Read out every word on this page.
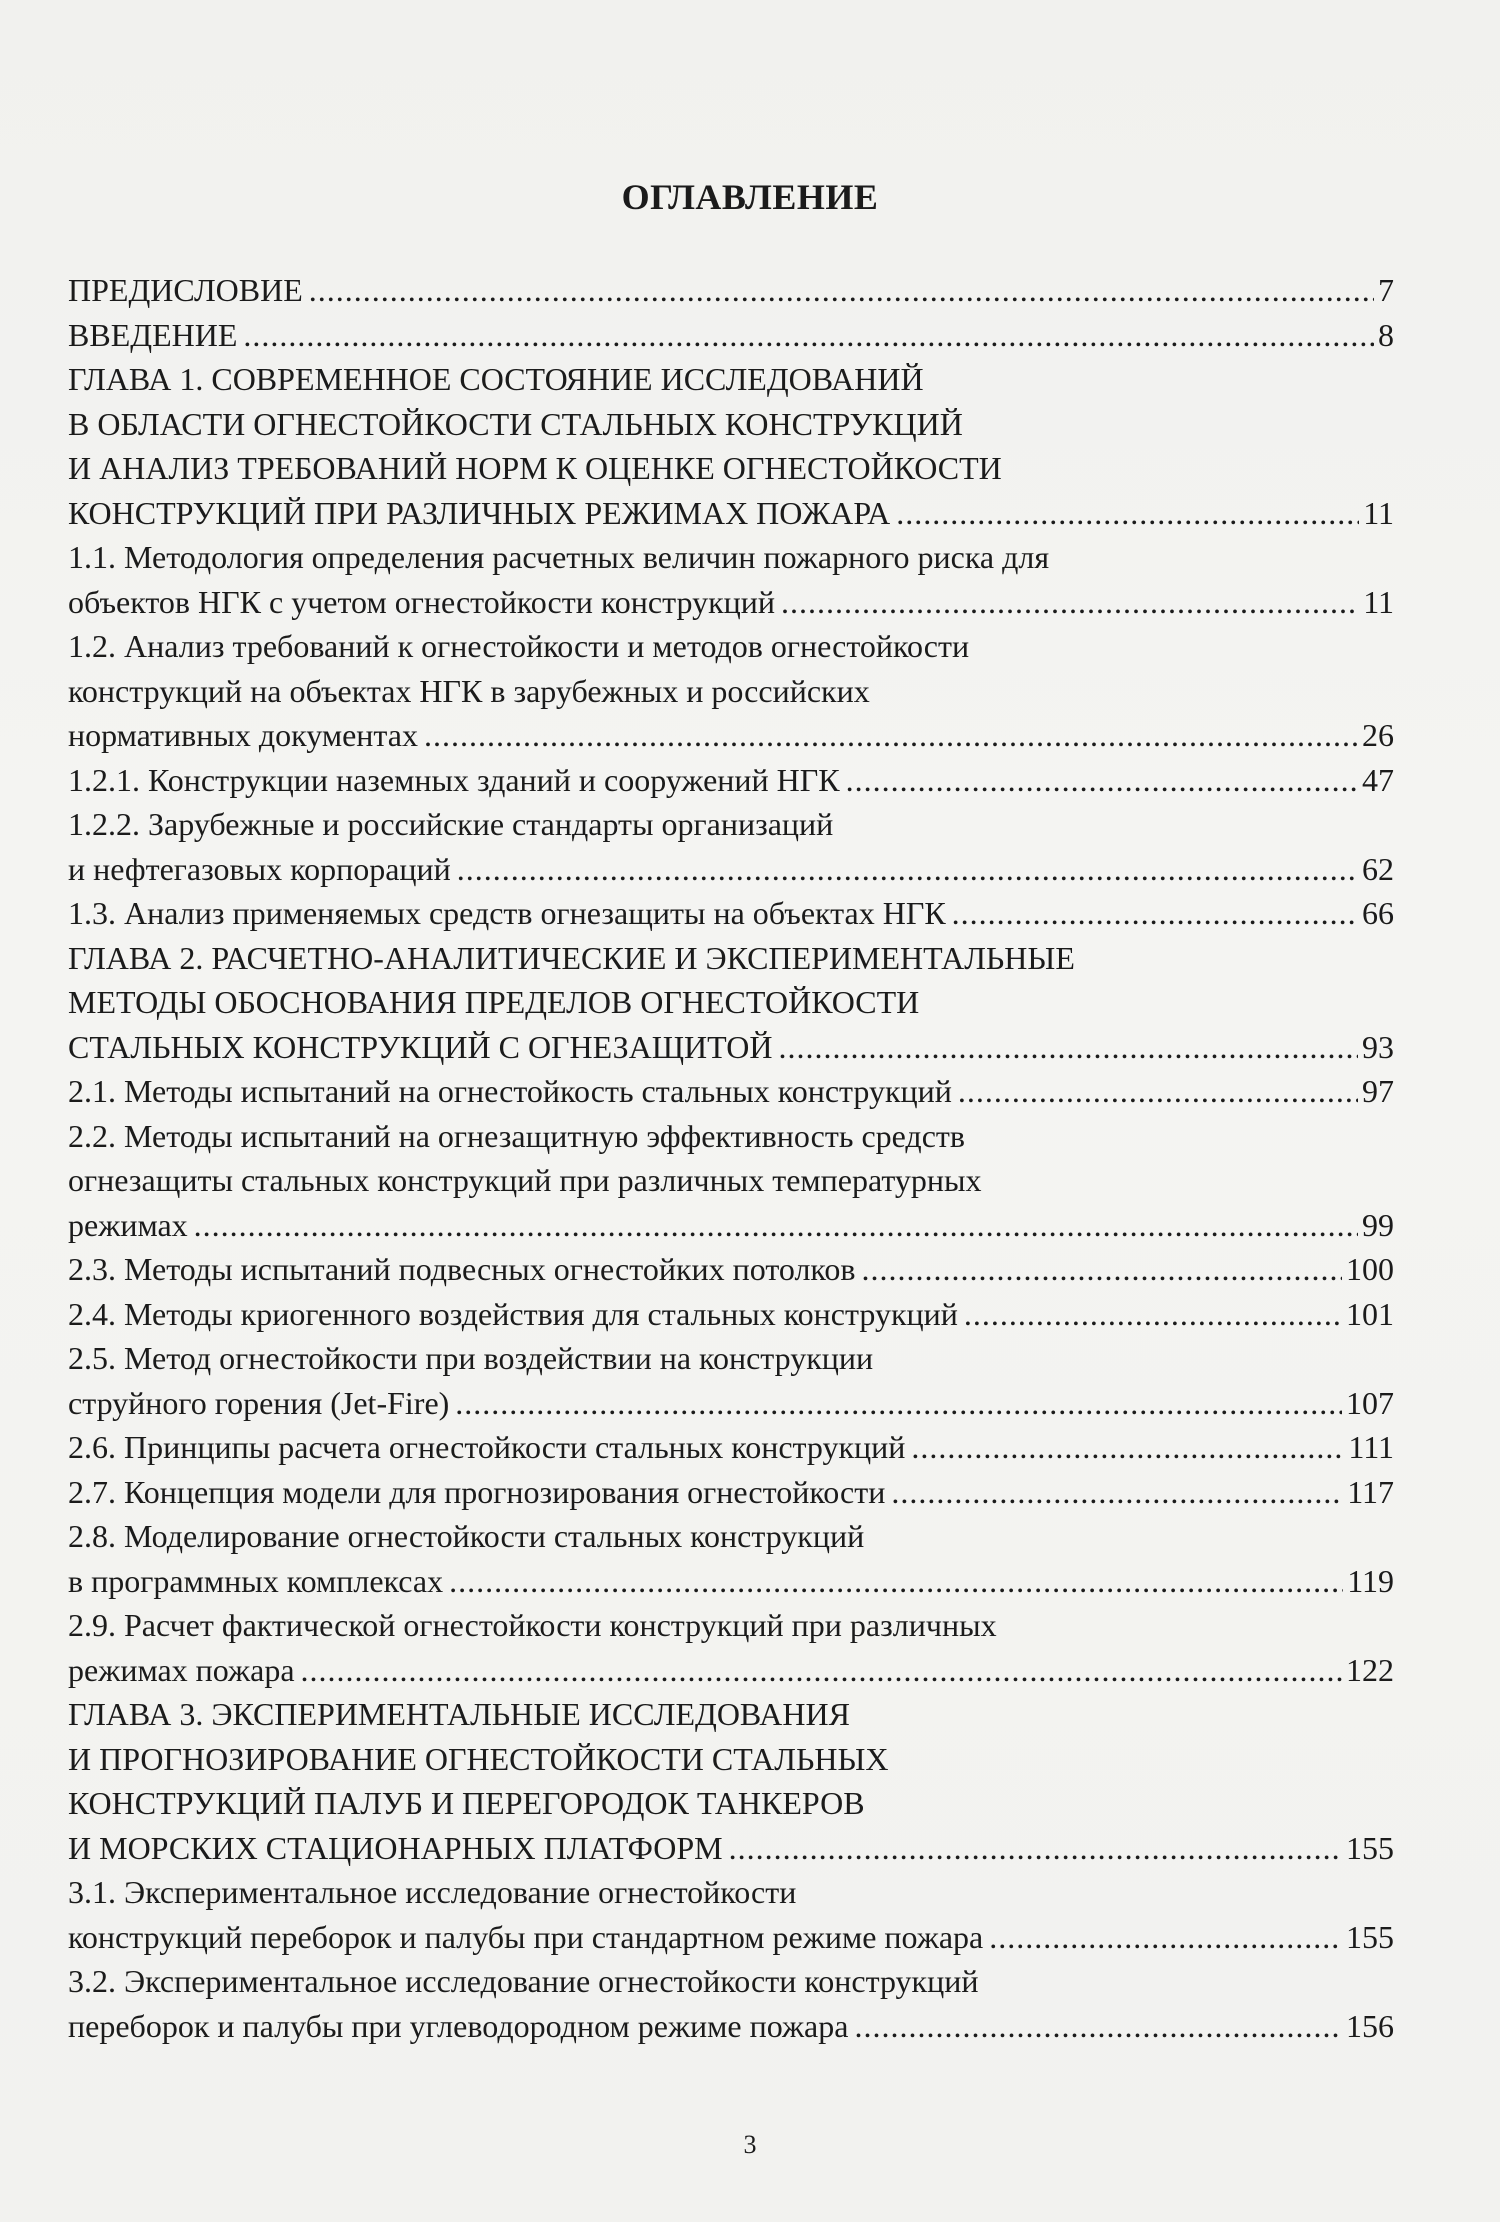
ОГЛАВЛЕНИЕ
ПРЕДИСЛОВИЕ .....	7
ВВЕДЕНИЕ .....	8
ГЛАВА 1. СОВРЕМЕННОЕ СОСТОЯНИЕ ИССЛЕДОВАНИЙ
В ОБЛАСТИ ОГНЕСТОЙКОСТИ СТАЛЬНЫХ КОНСТРУКЦИЙ
И АНАЛИЗ ТРЕБОВАНИЙ НОРМ К ОЦЕНКЕ ОГНЕСТОЙКОСТИ
КОНСТРУКЦИЙ ПРИ РАЗЛИЧНЫХ РЕЖИМАХ ПОЖАРА .....	11
1.1. Методология определения расчетных величин пожарного риска для
объектов НГК с учетом огнестойкости конструкций .....	11
1.2. Анализ требований к огнестойкости и методов огнестойкости
конструкций на объектах НГК в зарубежных и российских
нормативных документах .....	26
1.2.1. Конструкции наземных зданий и сооружений НГК .....	47
1.2.2. Зарубежные и российские стандарты организаций
и нефтегазовых корпораций .....	62
1.3. Анализ применяемых средств огнезащиты на объектах НГК .....	66
ГЛАВА 2. РАСЧЕТНО-АНАЛИТИЧЕСКИЕ И ЭКСПЕРИМЕНТАЛЬНЫЕ
МЕТОДЫ ОБОСНОВАНИЯ ПРЕДЕЛОВ ОГНЕСТОЙКОСТИ
СТАЛЬНЫХ КОНСТРУКЦИЙ С ОГНЕЗАЩИТОЙ .....	93
2.1. Методы испытаний на огнестойкость стальных конструкций .....	97
2.2. Методы испытаний на огнезащитную эффективность средств
огнезащиты стальных конструкций при различных температурных
режимах .....	99
2.3. Методы испытаний подвесных огнестойких потолков .....	100
2.4. Методы криогенного воздействия для стальных конструкций .....	101
2.5. Метод огнестойкости при воздействии на конструкции
струйного горения (Jet-Fire) .....	107
2.6. Принципы расчета огнестойкости стальных конструкций .....	111
2.7. Концепция модели для прогнозирования огнестойкости .....	117
2.8. Моделирование огнестойкости стальных конструкций
в программных комплексах .....	119
2.9. Расчет фактической огнестойкости конструкций при различных
режимах пожара .....	122
ГЛАВА 3. ЭКСПЕРИМЕНТАЛЬНЫЕ ИССЛЕДОВАНИЯ
И ПРОГНОЗИРОВАНИЕ ОГНЕСТОЙКОСТИ СТАЛЬНЫХ
КОНСТРУКЦИЙ ПАЛУБ И ПЕРЕГОРОДОК ТАНКЕРОВ
И МОРСКИХ СТАЦИОНАРНЫХ ПЛАТФОРМ .....	155
3.1. Экспериментальное исследование огнестойкости
конструкций переборок и палубы при стандартном режиме пожара .....	155
3.2. Экспериментальное исследование огнестойкости конструкций
переборок и палубы при углеводородном режиме пожара .....	156
3
